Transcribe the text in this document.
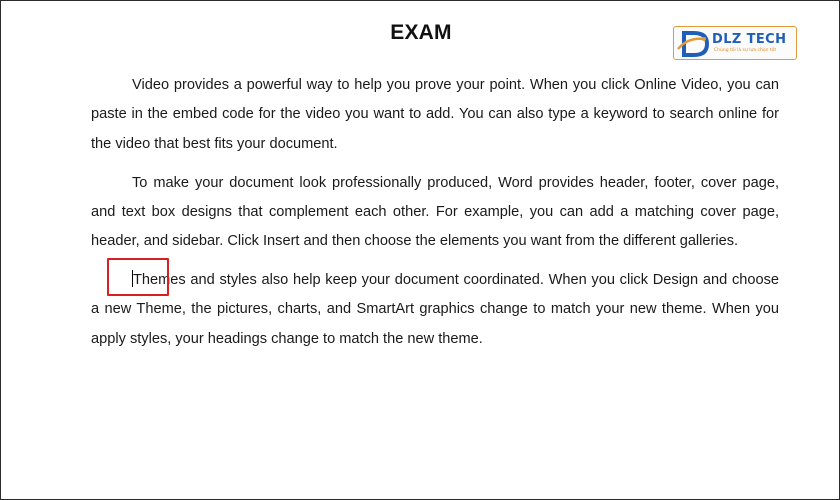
EXAM	DLZ TECH
Chúng tôi là sự lựa chọn tốt

Video provides a powerful way to help you prove your point. When you click Online Video, you can paste in the embed code for the video you want to add. You can also type a keyword to search online for the video that best fits your document.

To make your document look professionally produced, Word provides header, footer, cover page, and text box designs that complement each other. For example, you can add a matching cover page, header, and sidebar. Click Insert and then choose the elements you want from the different galleries.

Themes and styles also help keep your document coordinated. When you click Design and choose a new Theme, the pictures, charts, and SmartArt graphics change to match your new theme. When you apply styles, your headings change to match the new theme.
